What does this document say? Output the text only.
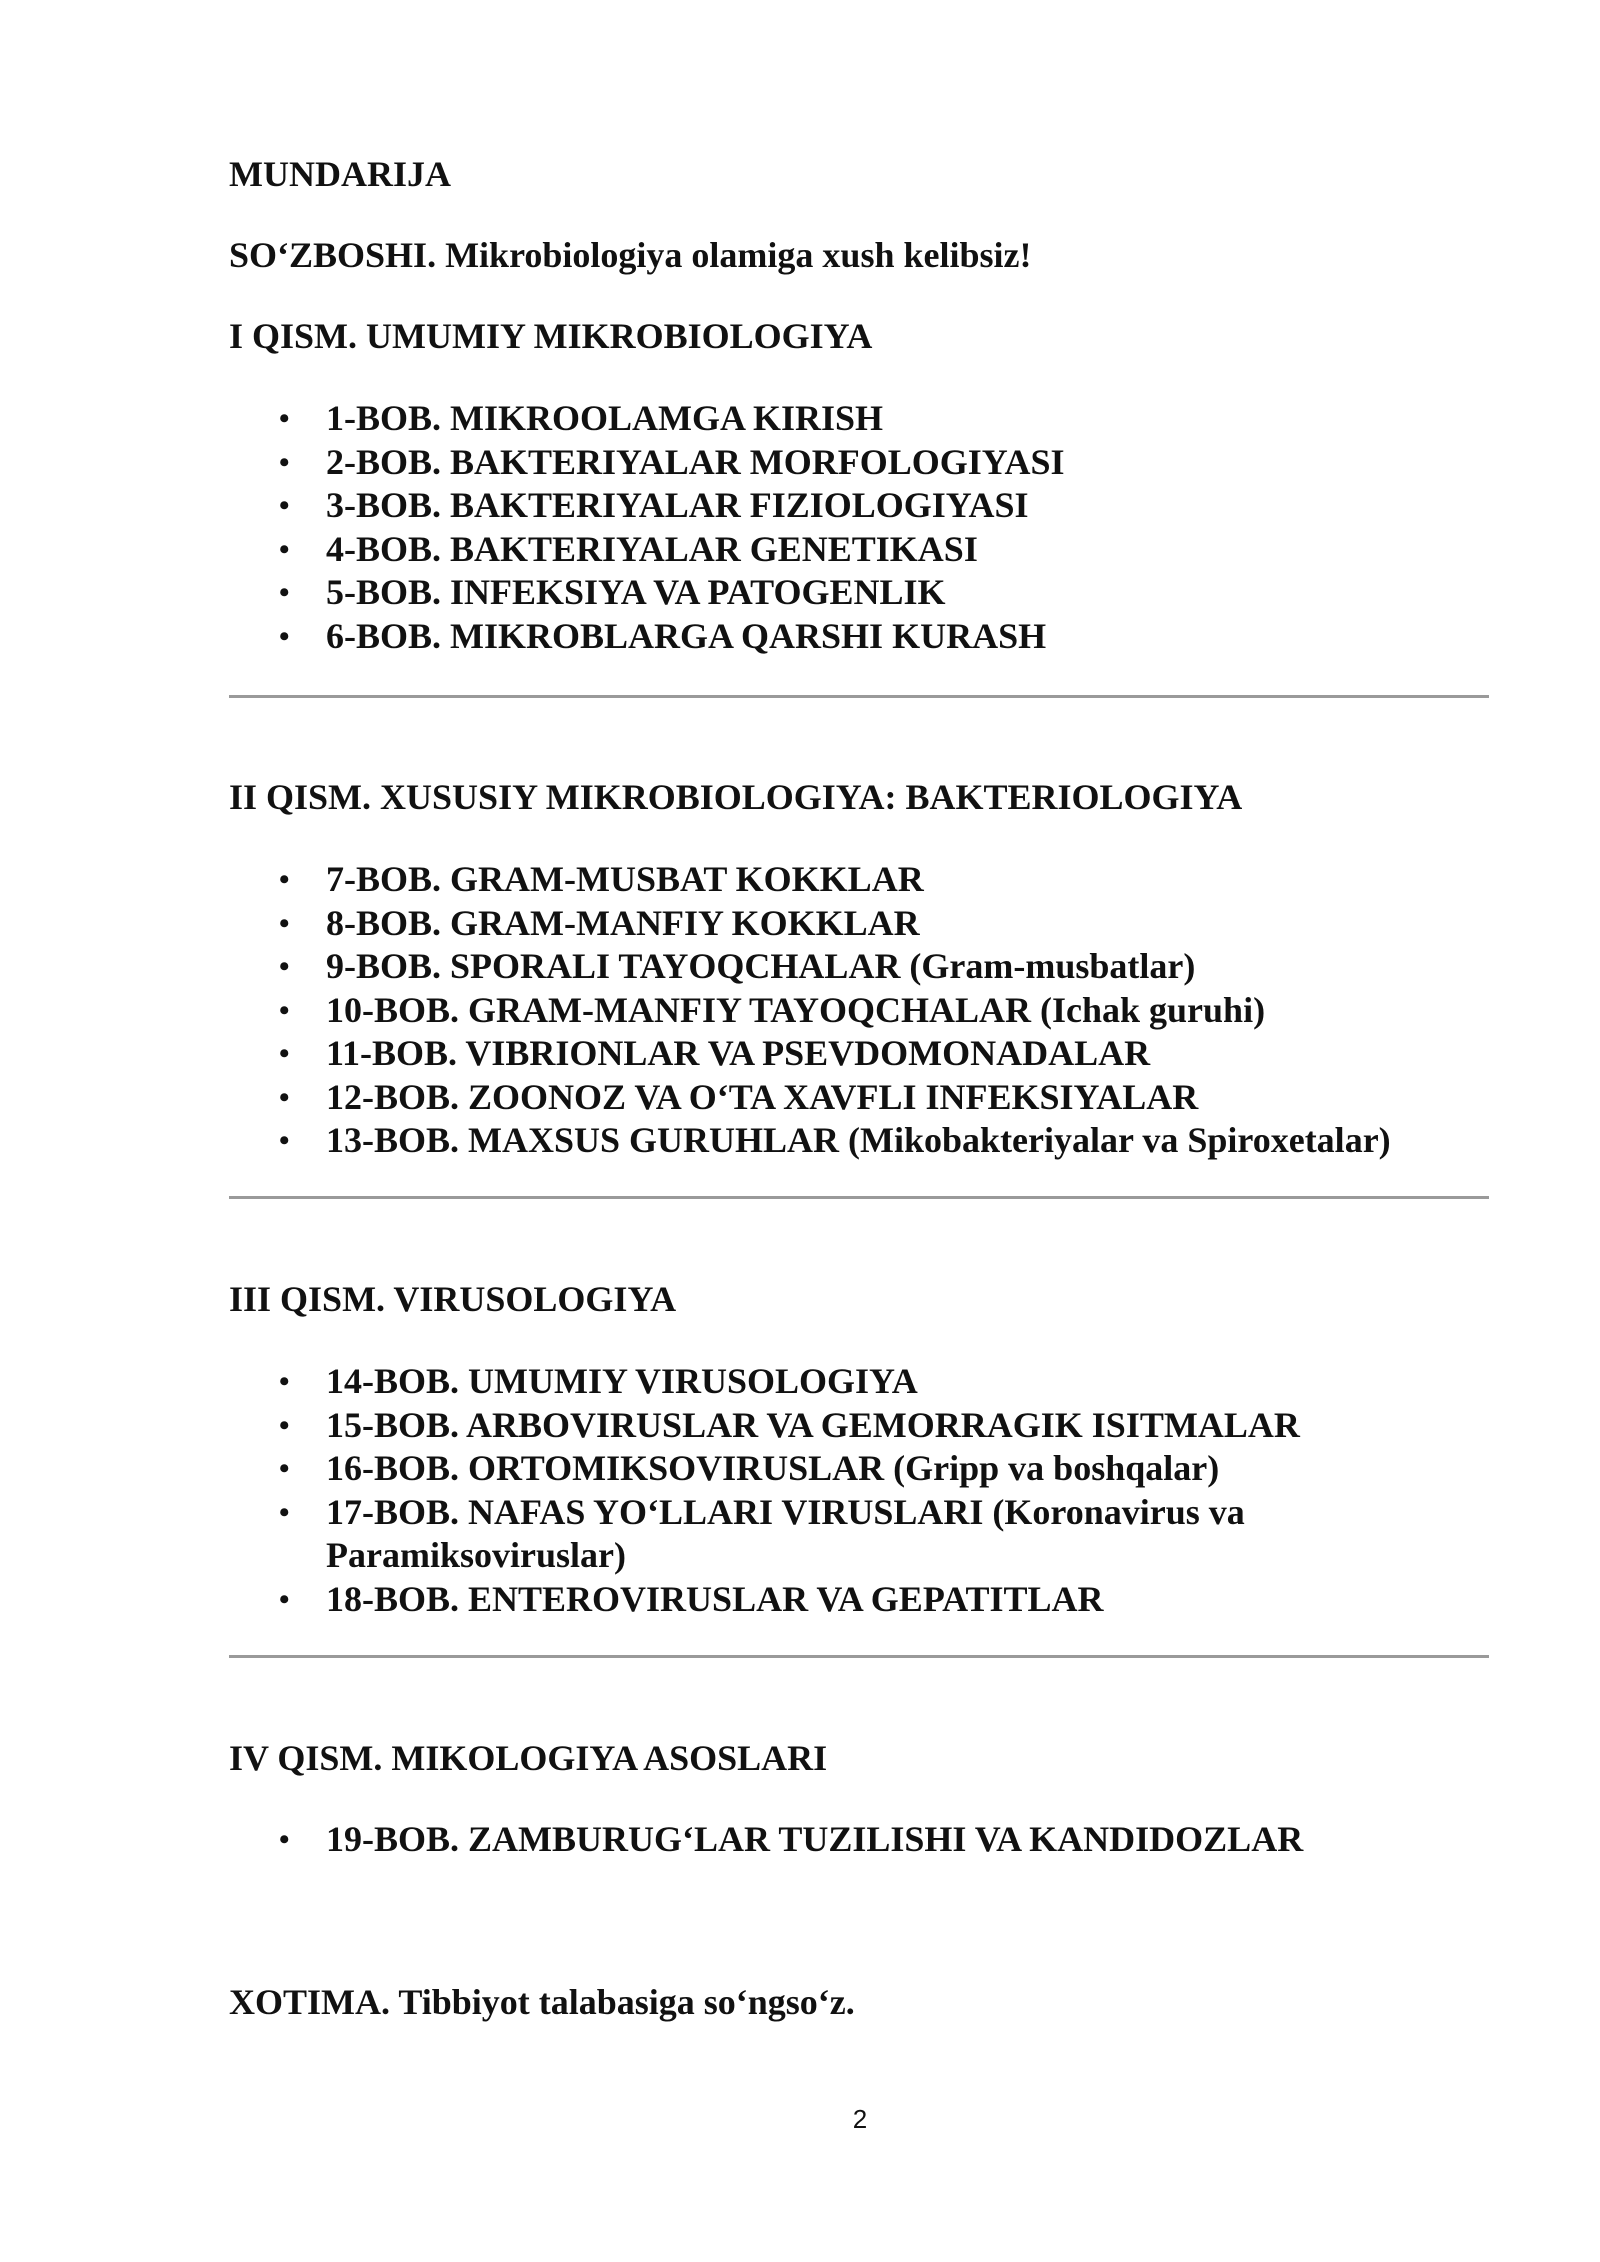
MUNDARIJA
SO‘ZBOSHI. Mikrobiologiya olamiga xush kelibsiz!
I QISM. UMUMIY MIKROBIOLOGIYA
• 1-BOB. MIKROOLAMGA KIRISH
• 2-BOB. BAKTERIYALAR MORFOLOGIYASI
• 3-BOB. BAKTERIYALAR FIZIOLOGIYASI
• 4-BOB. BAKTERIYALAR GENETIKASI
• 5-BOB. INFEKSIYA VA PATOGENLIK
• 6-BOB. MIKROBLARGA QARSHI KURASH
II QISM. XUSUSIY MIKROBIOLOGIYA: BAKTERIOLOGIYA
• 7-BOB. GRAM-MUSBAT KOKKLAR
• 8-BOB. GRAM-MANFIY KOKKLAR
• 9-BOB. SPORALI TAYOQCHALAR (Gram-musbatlar)
• 10-BOB. GRAM-MANFIY TAYOQCHALAR (Ichak guruhi)
• 11-BOB. VIBRIONLAR VA PSEVDOMONADALAR
• 12-BOB. ZOONOZ VA O‘TA XAVFLI INFEKSIYALAR
• 13-BOB. MAXSUS GURUHLAR (Mikobakteriyalar va Spiroxetalar)
III QISM. VIRUSOLOGIYA
• 14-BOB. UMUMIY VIRUSOLOGIYA
• 15-BOB. ARBOVIRUSLAR VA GEMORRAGIK ISITMALAR
• 16-BOB. ORTOMIKSOVIRUSLAR (Gripp va boshqalar)
• 17-BOB. NAFAS YO‘LLARI VIRUSLARI (Koronavirus va Paramiksoviruslar)
• 18-BOB. ENTEROVIRUSLAR VA GEPATITLAR
IV QISM. MIKOLOGIYA ASOSLARI
• 19-BOB. ZAMBURUG‘LAR TUZILISHI VA KANDIDOZLAR
XOTIMA. Tibbiyot talabasiga so‘ngso‘z.
2
